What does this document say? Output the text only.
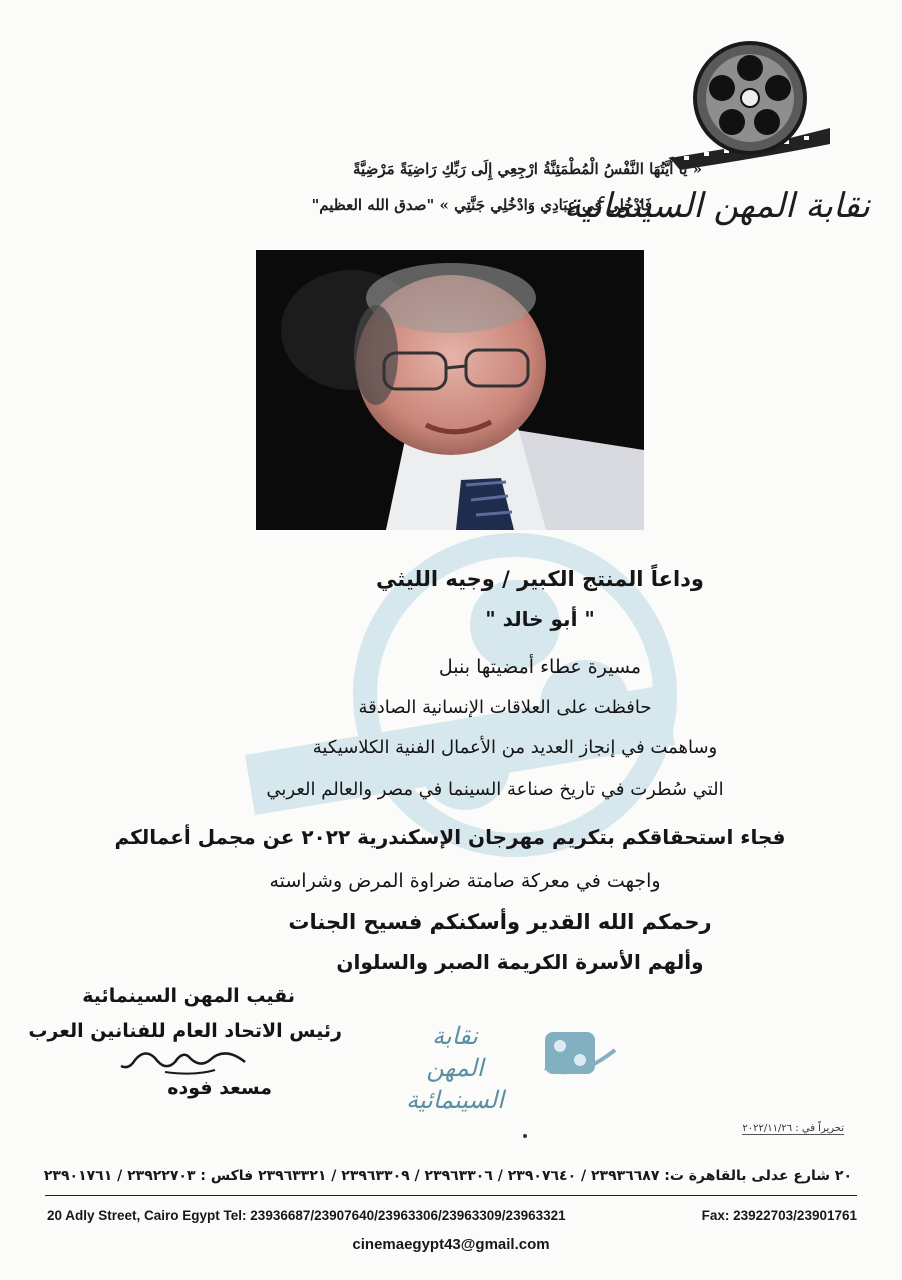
نقابة المهن السينمائية
« يَا أَيَّتُهَا النَّفْسُ الْمُطْمَئِنَّةُ ارْجِعِي إِلَى رَبِّكِ رَاضِيَةً مَرْضِيَّةً
فَادْخُلِي فِي عِبَادِي وَادْخُلِي جَنَّتِي » "صدق الله العظيم"
وداعاً المنتج الكبير / وجيه الليثي
" أبو خالد "
مسيرة عطاء أمضيتها بنبل
حافظت على العلاقات الإنسانية الصادقة
وساهمت في إنجاز العديد من الأعمال الفنية الكلاسيكية
التي سُطرت في تاريخ صناعة السينما في مصر والعالم العربي
فجاء استحقاقكم بتكريم مهرجان الإسكندرية ٢٠٢٢ عن مجمل أعمالكم
واجهت في معركة صامتة ضراوة المرض وشراسته
رحمكم الله القدير وأسكنكم فسيح الجنات
وألهم الأسرة الكريمة الصبر والسلوان
نقيب المهن السينمائية
رئيس الاتحاد العام للفنانين العرب
مسعد فوده
نقابة
المهن السينمائية
تحريراً في : ٢٠٢٢/١١/٢٦
٢٠ شارع عدلى بالقاهرة ت: ٢٣٩٣٦٦٨٧ / ٢٣٩٠٧٦٤٠ / ٢٣٩٦٣٣٠٦ / ٢٣٩٦٣٣٠٩ / ٢٣٩٦٣٣٢١ فاكس : ٢٣٩٢٢٧٠٣ / ٢٣٩٠١٧٦١
20 Adly Street, Cairo Egypt Tel: 23936687/23907640/23963306/23963309/23963321	Fax: 23922703/23901761
cinemaegypt43@gmail.com
